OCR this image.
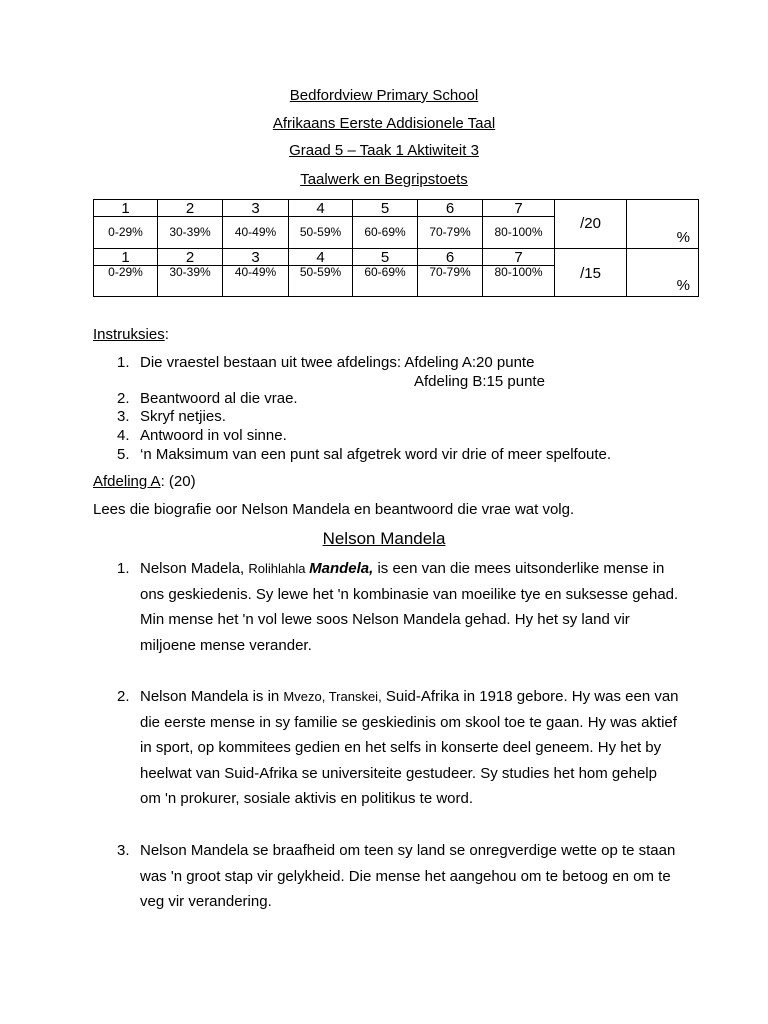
Bedfordview Primary School
Afrikaans Eerste Addisionele Taal
Graad 5 – Taak 1 Aktiwiteit 3
Taalwerk en Begripstoets
1	2	3	4	5	6	7	/20	%

0-29%	30-39%	40-49%	50-59%	60-69%	70-79%	80-100%		
1	2	3	4	5	6	7	/15	%

0-29%	30-39%	40-49%	50-59%	60-69%	70-79%	80-100%		
Instruksies:
1. Die vraestel bestaan uit twee afdelings: Afdeling A:20 punte
Afdeling B:15 punte
2. Beantwoord al die vrae.
3. Skryf netjies.
4. Antwoord in vol sinne.
5. ‘n Maksimum van een punt sal afgetrek word vir drie of meer spelfoute.
Afdeling A: (20)
Lees die biografie oor Nelson Mandela en beantwoord die vrae wat volg.
Nelson Mandela
1. Nelson Madela, Rolihlahla Mandela, is een van die mees uitsonderlike mense in ons geskiedenis. Sy lewe het 'n kombinasie van moeilike tye en suksesse gehad. Min mense het 'n vol lewe soos Nelson Mandela gehad. Hy het sy land vir miljoene mense verander.
2. Nelson Mandela is in Mvezo, Transkei, Suid-Afrika in 1918 gebore. Hy was een van die eerste mense in sy familie se geskiedinis om skool toe te gaan. Hy was aktief in sport, op kommitees gedien en het selfs in konserte deel geneem. Hy het by heelwat van Suid-Afrika se universiteite gestudeer. Sy studies het hom gehelp om 'n prokurer, sosiale aktivis en politikus te word.
3. Nelson Mandela se braafheid om teen sy land se onregverdige wette op te staan was 'n groot stap vir gelykheid. Die mense het aangehou om te betoog en om te veg vir verandering.
